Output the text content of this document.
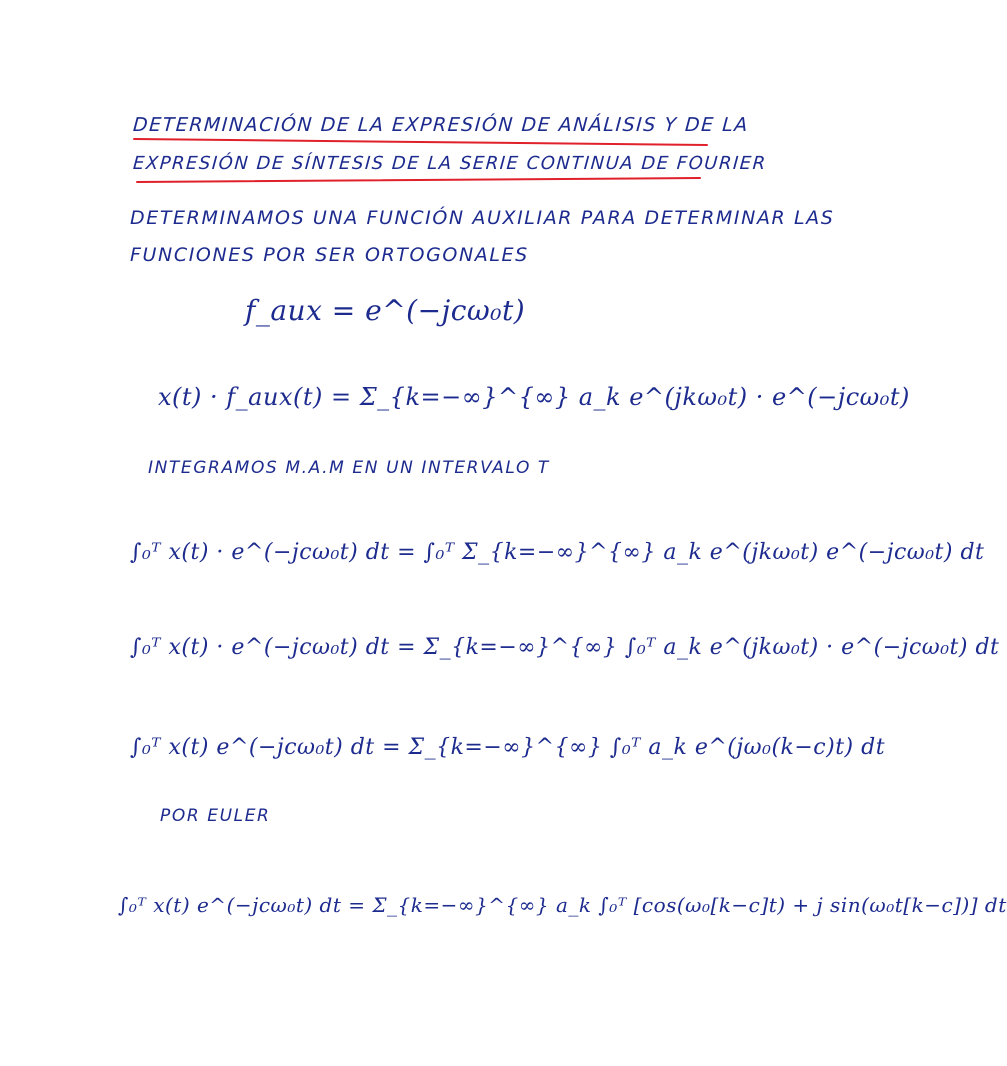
DETERMINACIÓN DE LA EXPRESIÓN DE ANÁLISIS Y DE LA
EXPRESIÓN DE SÍNTESIS DE LA SERIE CONTINUA DE FOURIER
DETERMINAMOS UNA FUNCIÓN AUXILIAR PARA DETERMINAR LAS
FUNCIONES POR SER ORTOGONALES
f_aux = e^(−jcω₀t)
x(t) · f_aux(t) = Σ_{k=−∞}^{∞} a_k e^(jkω₀t) · e^(−jcω₀t)
INTEGRAMOS M.A.M EN UN INTERVALO T
∫₀ᵀ x(t) · e^(−jcω₀t) dt = ∫₀ᵀ Σ_{k=−∞}^{∞} a_k e^(jkω₀t) e^(−jcω₀t) dt
∫₀ᵀ x(t) · e^(−jcω₀t) dt = Σ_{k=−∞}^{∞} ∫₀ᵀ a_k e^(jkω₀t) · e^(−jcω₀t) dt
∫₀ᵀ x(t) e^(−jcω₀t) dt = Σ_{k=−∞}^{∞} ∫₀ᵀ a_k e^(jω₀(k−c)t) dt
POR EULER
∫₀ᵀ x(t) e^(−jcω₀t) dt = Σ_{k=−∞}^{∞} a_k ∫₀ᵀ [cos(ω₀[k−c]t) + j sin(ω₀t[k−c])] dt
